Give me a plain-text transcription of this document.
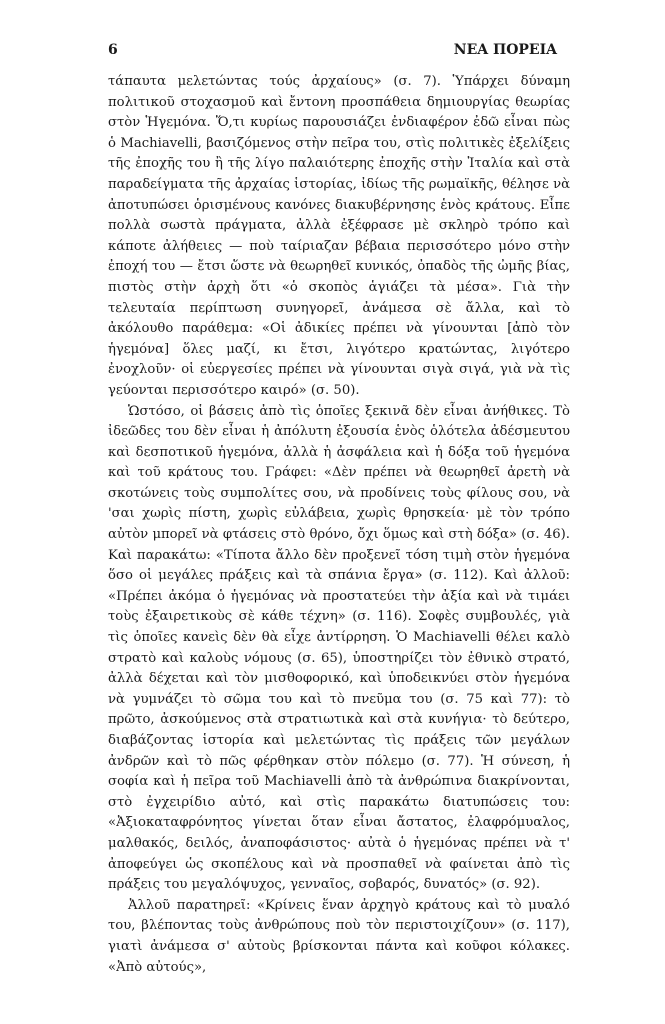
6	ΝΕΑ ΠΟΡΕΙΑ

τάπαυτα μελετώντας τούς ἀρχαίους» (σ. 7). Ὑπάρχει δύναμη πολιτικοῦ στοχασμοῦ καὶ ἔντονη προσπάθεια δημιουργίας θεωρίας στὸν Ἡγεμόνα. Ὅ,τι κυρίως παρουσιάζει ἐνδιαφέρον ἐδῶ εἶναι πὼς ὁ Machiavelli, βασιζόμενος στὴν πεῖρα του, στὶς πολιτικὲς ἐξελίξεις τῆς ἐποχῆς του ἢ τῆς λίγο παλαιότερης ἐποχῆς στὴν Ἰταλία καὶ στὰ παραδείγματα τῆς ἀρχαίας ἱστορίας, ἰδίως τῆς ρωμαϊκῆς, θέλησε νὰ ἀποτυπώσει ὁρισμένους κανόνες διακυβέρνησης ἑνὸς κράτους. Εἶπε πολλὰ σωστὰ πράγματα, ἀλλὰ ἐξέφρασε μὲ σκληρὸ τρόπο καὶ κάποτε ἀλήθειες — ποὺ ταίριαζαν βέβαια περισσότερο μόνο στὴν ἐποχή του — ἔτσι ὥστε νὰ θεωρηθεῖ κυνικός, ὀπαδὸς τῆς ὠμῆς βίας, πιστὸς στὴν ἀρχὴ ὅτι «ὁ σκοπὸς ἁγιάζει τὰ μέσα». Γιὰ τὴν τελευταία περίπτωση συνηγορεῖ, ἀνάμεσα σὲ ἄλλα, καὶ τὸ ἀκόλουθο παράθεμα: «Οἱ ἀδικίες πρέπει νὰ γίνουνται [ἀπὸ τὸν ἡγεμόνα] ὅλες μαζί, κι ἔτσι, λιγότερο κρατώντας, λιγότερο ἐνοχλοῦν· οἱ εὐεργεσίες πρέπει νὰ γίνουνται σιγὰ σιγά, γιὰ νὰ τὶς γεύονται περισσότερο καιρό» (σ. 50).

Ὡστόσο, οἱ βάσεις ἀπὸ τὶς ὁποῖες ξεκινᾶ δὲν εἶναι ἀνήθικες. Τὸ ἰδεῶδες του δὲν εἶναι ἡ ἀπόλυτη ἐξουσία ἑνὸς ὁλότελα ἀδέσμευτου καὶ δεσποτικοῦ ἡγεμόνα, ἀλλὰ ἡ ἀσφάλεια καὶ ἡ δόξα τοῦ ἡγεμόνα καὶ τοῦ κράτους του. Γράφει: «Δὲν πρέπει νὰ θεωρηθεῖ ἀρετὴ νὰ σκοτώνεις τοὺς συμπολίτες σου, νὰ προδίνεις τοὺς φίλους σου, νὰ 'σαι χωρὶς πίστη, χωρὶς εὐλάβεια, χωρὶς θρησκεία· μὲ τὸν τρόπο αὐτὸν μπορεῖ νὰ φτάσεις στὸ θρόνο, ὄχι ὅμως καὶ στὴ δόξα» (σ. 46). Καὶ παρακάτω: «Τίποτα ἄλλο δὲν προξενεῖ τόση τιμὴ στὸν ἡγεμόνα ὅσο οἱ μεγάλες πράξεις καὶ τὰ σπάνια ἔργα» (σ. 112). Καὶ ἀλλοῦ: «Πρέπει ἀκόμα ὁ ἡγεμόνας νὰ προστατεύει τὴν ἀξία καὶ νὰ τιμάει τοὺς ἐξαιρετικοὺς σὲ κάθε τέχνη» (σ. 116). Σοφὲς συμβουλές, γιὰ τὶς ὁποῖες κανεὶς δὲν θὰ εἶχε ἀντίρρηση. Ὁ Machiavelli θέλει καλὸ στρατὸ καὶ καλοὺς νόμους (σ. 65), ὑποστηρίζει τὸν ἐθνικὸ στρατό, ἀλλὰ δέχεται καὶ τὸν μισθοφορικό, καὶ ὑποδεικνύει στὸν ἡγεμόνα νὰ γυμνάζει τὸ σῶμα του καὶ τὸ πνεῦμα του (σ. 75 καὶ 77): τὸ πρῶτο, ἀσκούμενος στὰ στρατιωτικὰ καὶ στὰ κυνήγια· τὸ δεύτερο, διαβάζοντας ἱστορία καὶ μελετώντας τὶς πράξεις τῶν μεγάλων ἀνδρῶν καὶ τὸ πῶς φέρθηκαν στὸν πόλεμο (σ. 77). Ἡ σύνεση, ἡ σοφία καὶ ἡ πεῖρα τοῦ Machiavelli ἀπὸ τὰ ἀνθρώπινα διακρίνονται, στὸ ἐγχειρίδιο αὐτό, καὶ στὶς παρακάτω διατυπώσεις του: «Ἀξιοκαταφρόνητος γίνεται ὅταν εἶναι ἄστατος, ἐλαφρόμυαλος, μαλθακός, δειλός, ἀναποφάσιστος· αὐτὰ ὁ ἡγεμόνας πρέπει νὰ τ' ἀποφεύγει ὡς σκοπέλους καὶ νὰ προσπαθεῖ νὰ φαίνεται ἀπὸ τὶς πράξεις του μεγαλόψυχος, γενναῖος, σοβαρός, δυνατός» (σ. 92).

Ἀλλοῦ παρατηρεῖ: «Κρίνεις ἕναν ἀρχηγὸ κράτους καὶ τὸ μυαλό του, βλέποντας τοὺς ἀνθρώπους ποὺ τὸν περιστοιχίζουν» (σ. 117), γιατὶ ἀνάμεσα σ' αὐτοὺς βρίσκονται πάντα καὶ κοῦφοι κόλακες. «Ἀπὸ αὐτούς»,
